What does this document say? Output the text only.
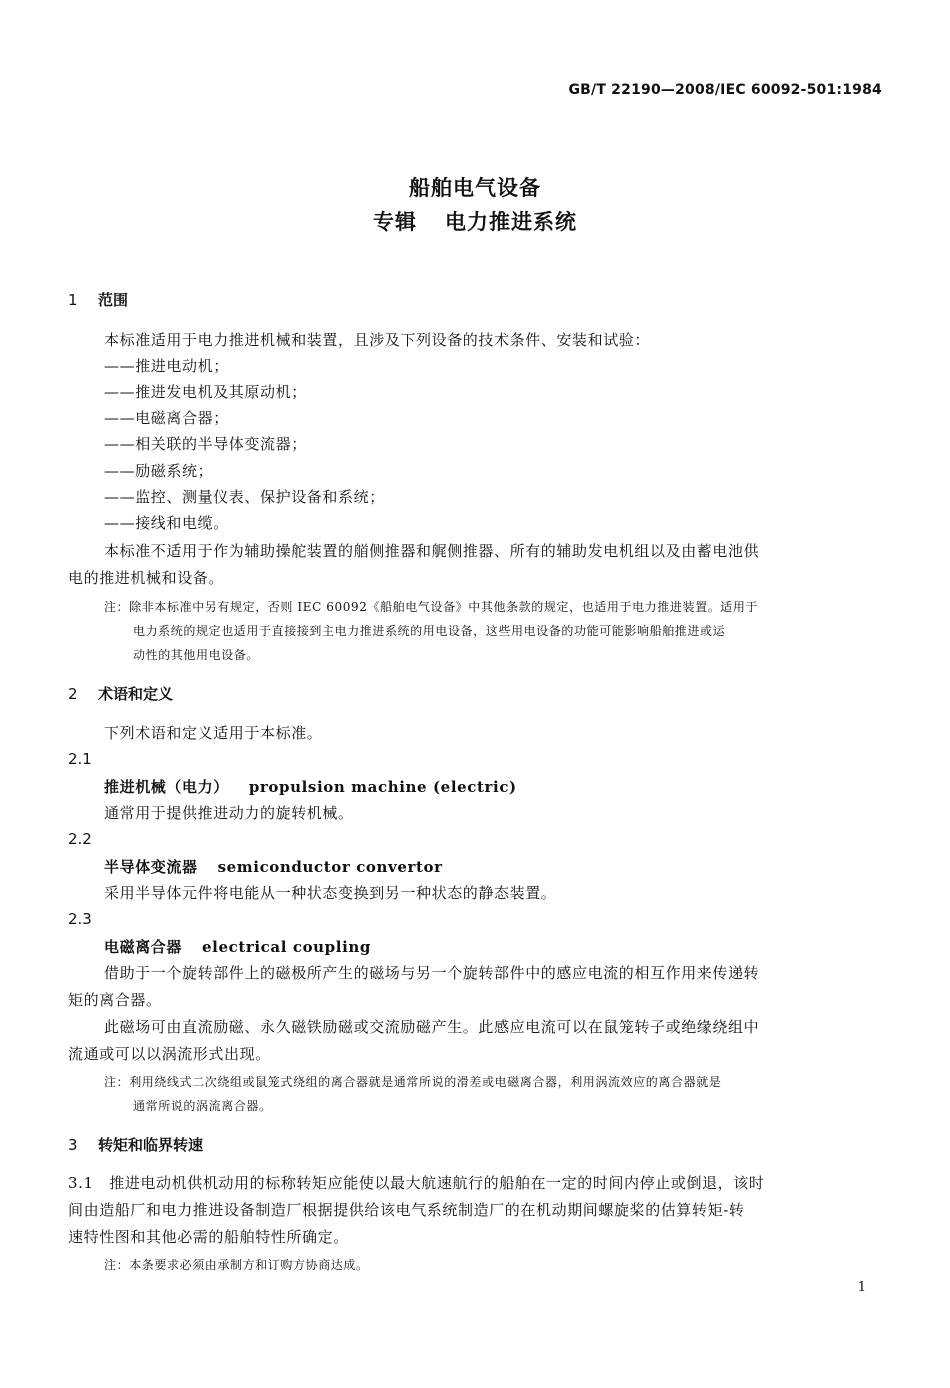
GB/T 22190—2008/IEC 60092-501:1984
船舶电气设备
专辑 电力推进系统
1 范围
本标准适用于电力推进机械和装置，且涉及下列设备的技术条件、安装和试验：
——推进电动机；
——推进发电机及其原动机；
——电磁离合器；
——相关联的半导体变流器；
——励磁系统；
——监控、测量仪表、保护设备和系统；
——接线和电缆。
本标准不适用于作为辅助操舵装置的艏侧推器和艉侧推器、所有的辅助发电机组以及由蓄电池供
电的推进机械和设备。
注：除非本标准中另有规定，否则 IEC 60092《船舶电气设备》中其他条款的规定，也适用于电力推进装置。适用于
电力系统的规定也适用于直接接到主电力推进系统的用电设备，这些用电设备的功能可能影响船舶推进或运
动性的其他用电设备。
2 术语和定义
下列术语和定义适用于本标准。
2.1
推进机械（电力） propulsion machine (electric)
通常用于提供推进动力的旋转机械。
2.2
半导体变流器 semiconductor convertor
采用半导体元件将电能从一种状态变换到另一种状态的静态装置。
2.3
电磁离合器 electrical coupling
借助于一个旋转部件上的磁极所产生的磁场与另一个旋转部件中的感应电流的相互作用来传递转
矩的离合器。
此磁场可由直流励磁、永久磁铁励磁或交流励磁产生。此感应电流可以在鼠笼转子或绝缘绕组中
流通或可以以涡流形式出现。
注：利用绕线式二次绕组或鼠笼式绕组的离合器就是通常所说的滑差或电磁离合器，利用涡流效应的离合器就是
通常所说的涡流离合器。
3 转矩和临界转速
3.1　推进电动机供机动用的标称转矩应能使以最大航速航行的船舶在一定的时间内停止或倒退，该时
间由造船厂和电力推进设备制造厂根据提供给该电气系统制造厂的在机动期间螺旋桨的估算转矩-转
速特性图和其他必需的船舶特性所确定。
注：本条要求必须由承制方和订购方协商达成。
1
